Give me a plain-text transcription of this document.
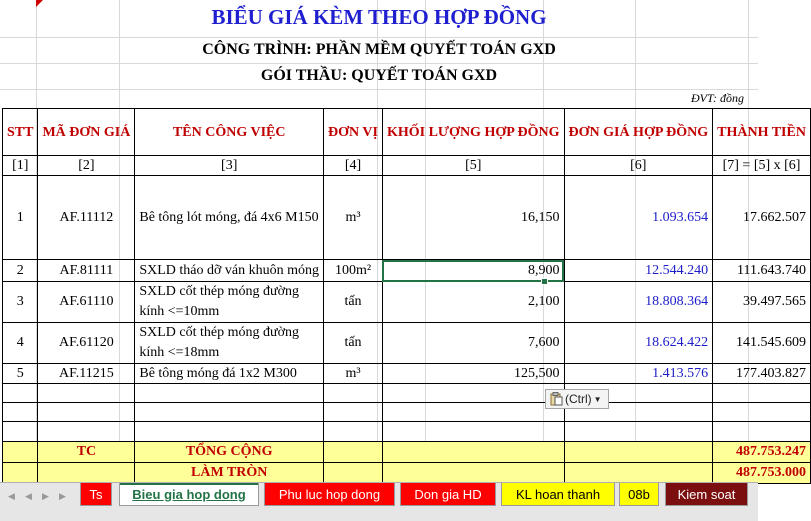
BIỂU GIÁ KÈM THEO HỢP ĐỒNG
CÔNG TRÌNH: PHẦN MỀM QUYẾT TOÁN GXD
GÓI THẦU: QUYẾT TOÁN GXD
ĐVT: đồng
STT	MÃ ĐƠN GIÁ	TÊN CÔNG VIỆC	ĐƠN VỊ	KHỐI LƯỢNG HỢP ĐỒNG	ĐƠN GIÁ HỢP ĐỒNG	THÀNH TIỀN
[1]	[2]	[3]	[4]	[5]	[6]	[7] = [5] x [6]
1	AF.11112	Bê tông lót móng, đá 4x6 M150	m³	16,150	1.093.654	17.662.507
2	AF.81111	SXLD tháo dỡ ván khuôn móng	100m²	8,900	12.544.240	111.643.740
3	AF.61110	SXLD cốt thép móng đường kính <=10mm	tấn	2,100	18.808.364	39.497.565
4	AF.61120	SXLD cốt thép móng đường kính <=18mm	tấn	7,600	18.624.422	141.545.609
5	AF.11215	Bê tông móng đá 1x2 M300	m³	125,500	1.413.576	177.403.827

	TC	TỔNG CỘNG				487.753.247
		LÀM TRÒN				487.753.000
(Ctrl) ▼
◀	◀	▶	▶	Ts	Bieu gia hop dong	Phu luc hop dong	Don gia HD	KL hoan thanh	08b	Kiem soat
